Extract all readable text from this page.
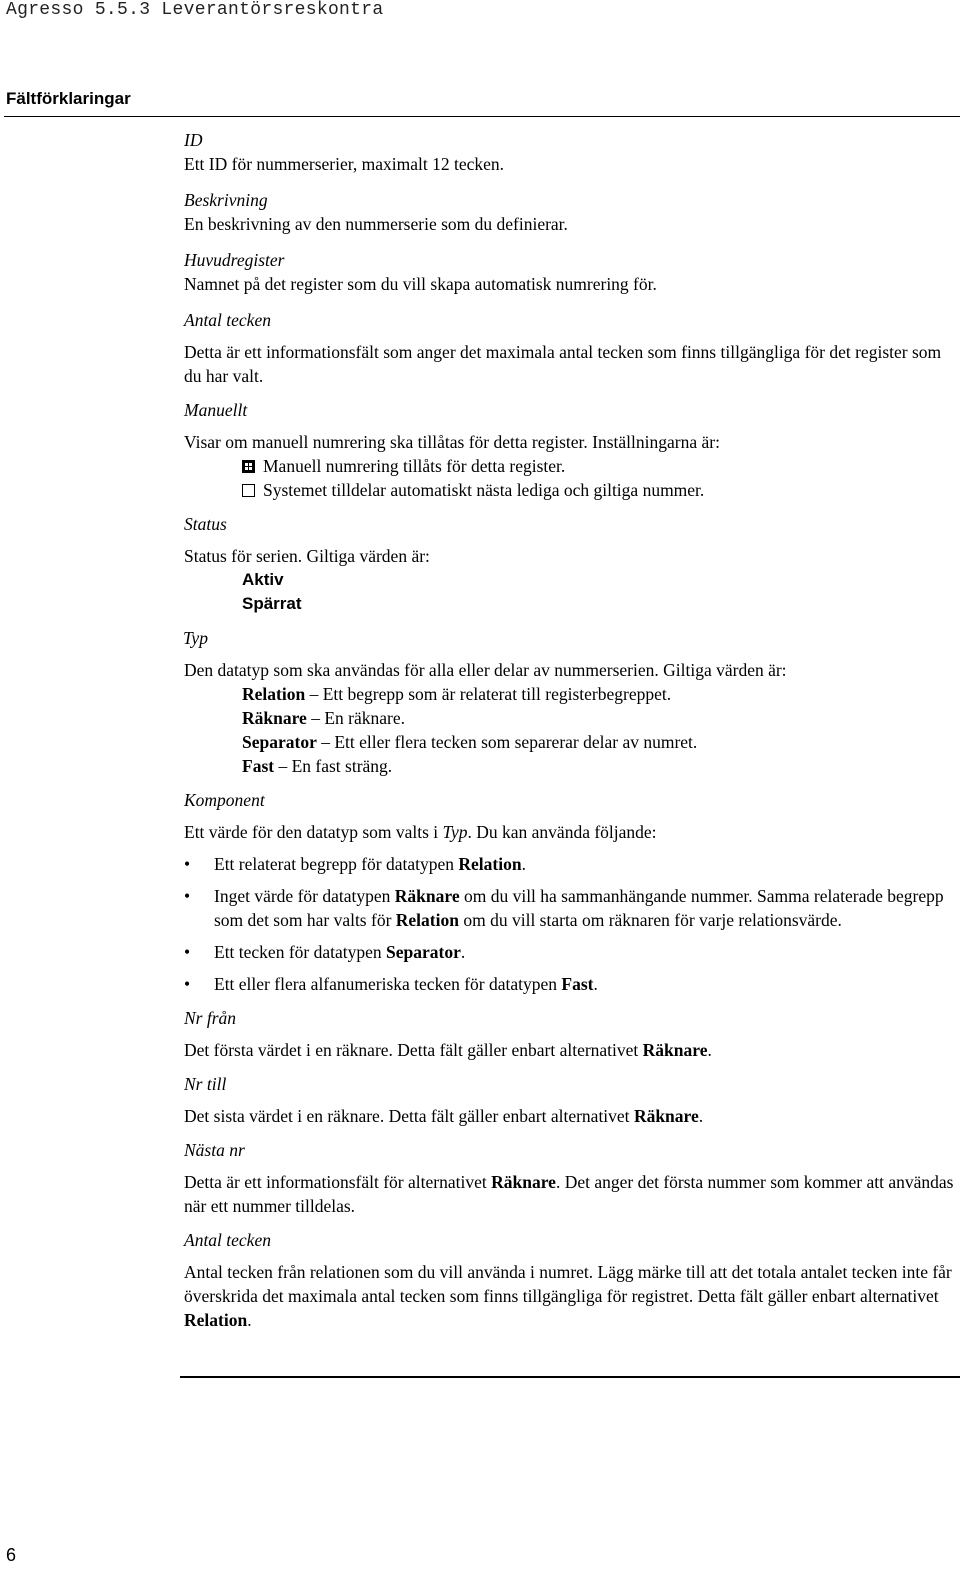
Agresso 5.5.3 Leverantörsreskontra
Fältförklaringar
ID
Ett ID för nummerserier, maximalt 12 tecken.
Beskrivning
En beskrivning av den nummerserie som du definierar.
Huvudregister
Namnet på det register som du vill skapa automatisk numrering för.
Antal tecken
Detta är ett informationsfält som anger det maximala antal tecken som finns tillgängliga för det register som du har valt.
Manuellt
Visar om manuell numrering ska tillåtas för detta register. Inställningarna är:
Manuell numrering tillåts för detta register.
Systemet tilldelar automatiskt nästa lediga och giltiga nummer.
Status
Status för serien. Giltiga värden är:
Aktiv
Spärrat
Typ
Den datatyp som ska användas för alla eller delar av nummerserien. Giltiga värden är:
Relation – Ett begrepp som är relaterat till registerbegreppet.
Räknare – En räknare.
Separator – Ett eller flera tecken som separerar delar av numret.
Fast – En fast sträng.
Komponent
Ett värde för den datatyp som valts i Typ. Du kan använda följande:
• Ett relaterat begrepp för datatypen Relation.
• Inget värde för datatypen Räknare om du vill ha sammanhängande nummer. Samma relaterade begrepp som det som har valts för Relation om du vill starta om räknaren för varje relationsvärde.
• Ett tecken för datatypen Separator.
• Ett eller flera alfanumeriska tecken för datatypen Fast.
Nr från
Det första värdet i en räknare. Detta fält gäller enbart alternativet Räknare.
Nr till
Det sista värdet i en räknare. Detta fält gäller enbart alternativet Räknare.
Nästa nr
Detta är ett informationsfält för alternativet Räknare. Det anger det första nummer som kommer att användas när ett nummer tilldelas.
Antal tecken
Antal tecken från relationen som du vill använda i numret. Lägg märke till att det totala antalet tecken inte får överskrida det maximala antal tecken som finns tillgängliga för registret. Detta fält gäller enbart alternativet Relation.
6
